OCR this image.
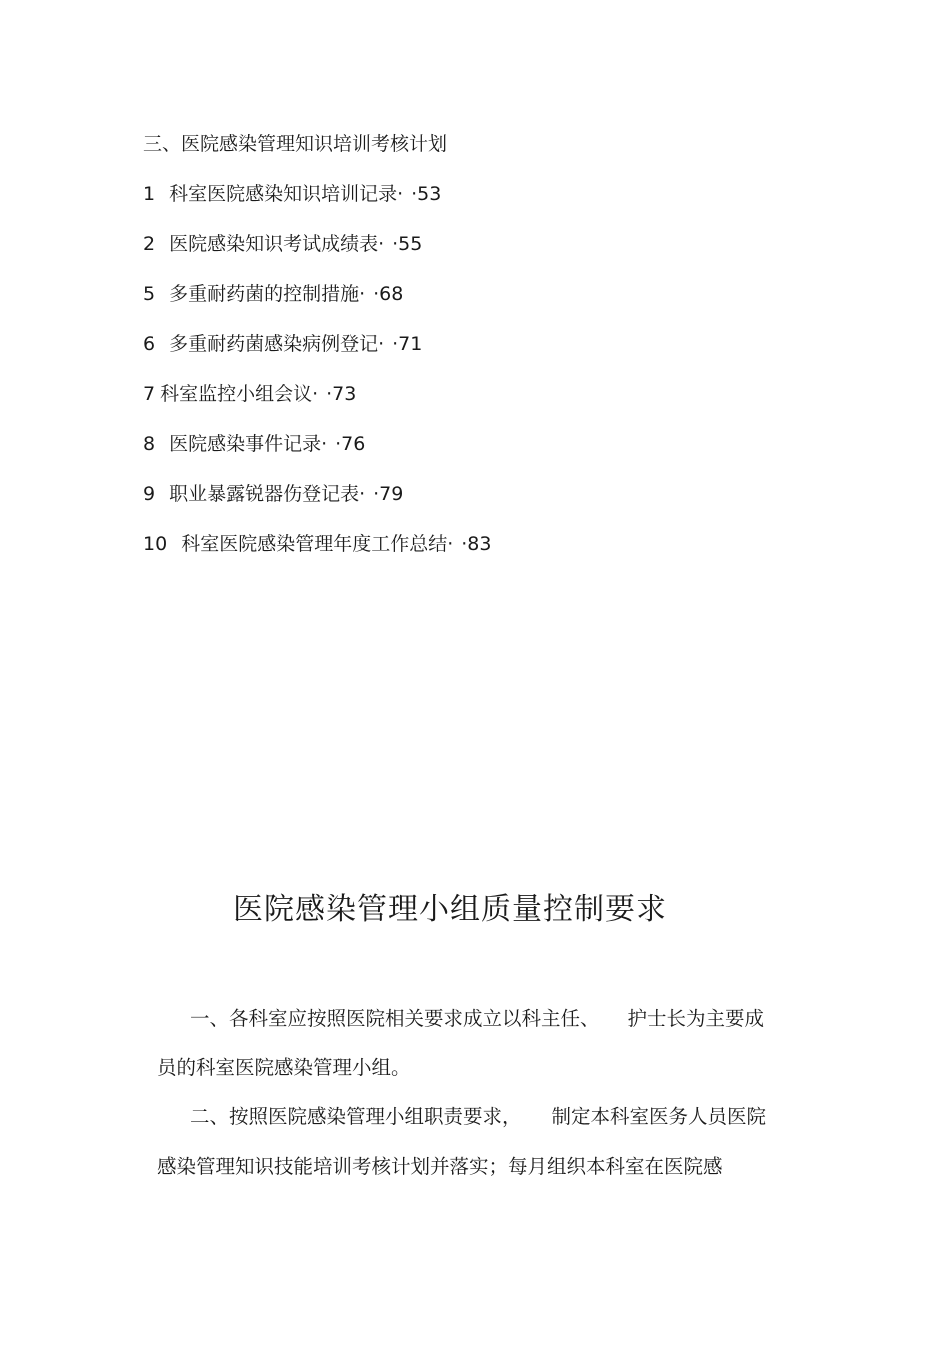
三、医院感染管理知识培训考核计划
1 科室医院感染知识培训记录· ·53
2 医院感染知识考试成绩表· ·55
5 多重耐药菌的控制措施· ·68
6 多重耐药菌感染病例登记· ·71
7 科室监控小组会议· ·73
8 医院感染事件记录· ·76
9 职业暴露锐器伤登记表· ·79
10 科室医院感染管理年度工作总结· ·83
医院感染管理小组质量控制要求
一、各科室应按照医院相关要求成立以科主任、 护士长为主要成
员的科室医院感染管理小组。
二、按照医院感染管理小组职责要求， 制定本科室医务人员医院
感染管理知识技能培训考核计划并落实；每月组织本科室在医院感
